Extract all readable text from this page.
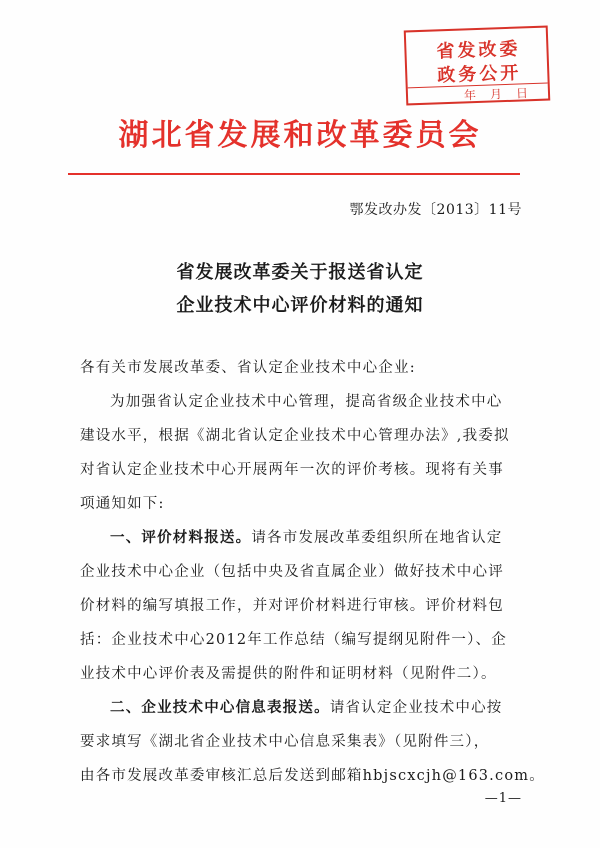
省发改委
政务公开
年月日
湖北省发展和改革委员会
鄂发改办发〔2013〕11号
省发展改革委关于报送省认定
企业技术中心评价材料的通知
各有关市发展改革委、省认定企业技术中心企业:
为加强省认定企业技术中心管理，提高省级企业技术中心
建设水平，根据《湖北省认定企业技术中心管理办法》,我委拟
对省认定企业技术中心开展两年一次的评价考核。现将有关事
项通知如下:
一、评价材料报送。请各市发展改革委组织所在地省认定
企业技术中心企业（包括中央及省直属企业）做好技术中心评
价材料的编写填报工作，并对评价材料进行审核。评价材料包
括：企业技术中心2012年工作总结（编写提纲见附件一）、企
业技术中心评价表及需提供的附件和证明材料（见附件二）。
二、企业技术中心信息表报送。请省认定企业技术中心按
要求填写《湖北省企业技术中心信息采集表》（见附件三），
由各市发展改革委审核汇总后发送到邮箱hbjscxcjh@163.com。
—1—
